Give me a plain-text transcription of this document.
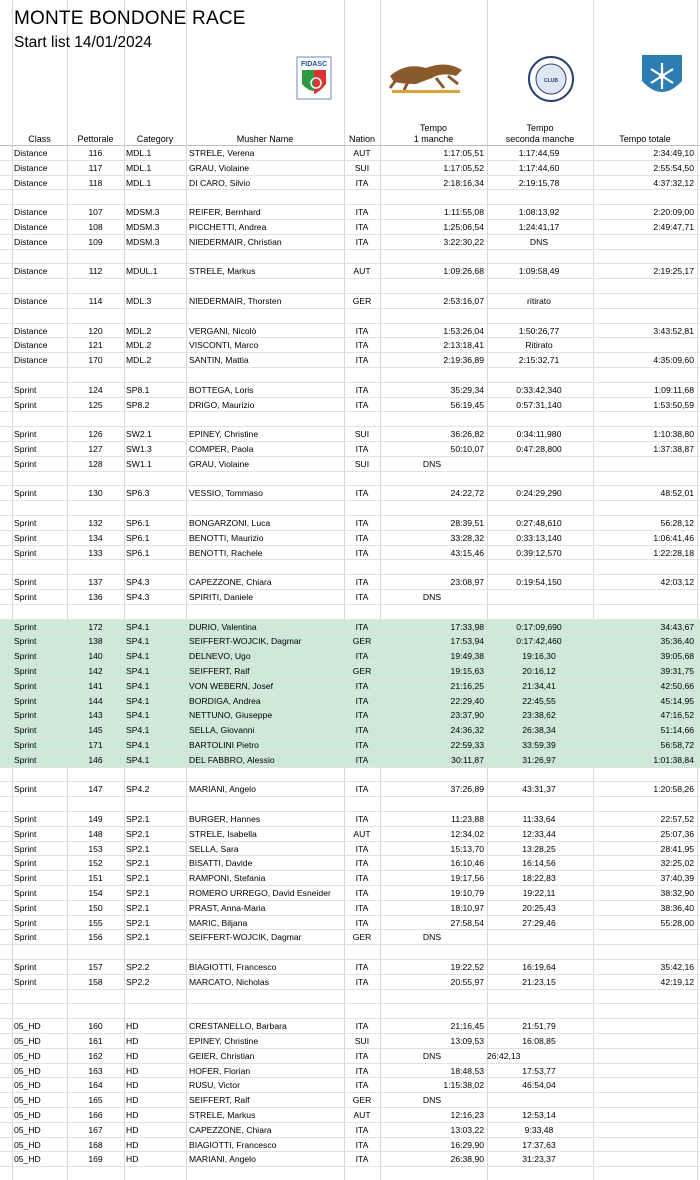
MONTE BONDONE RACE
Start list 14/01/2024
FIDASC
CLUB
Class	Pettorale	Category	Musher Name	Nation
Tempo
1 manche
Tempo
seconda manche	Tempo totale
Distance	116	MDL.1	STRELE, Verena	AUT	1:17:05,51	1:17:44,59	2:34:49,10
Distance	117	MDL.1	GRAU, Violaine	SUI	1:17:05,52	1:17:44,60	2:55:54,50
Distance	118	MDL.1	DI CARO, Silvio	ITA	2:18:16,34	2:19:15,78	4:37:32,12
Distance	107	MDSM.3	REIFER, Bernhard	ITA	1:11:55,08	1:08:13,92	2:20:09,00
Distance	108	MDSM.3	PICCHETTI, Andrea	ITA	1:25:06,54	1:24:41,17	2:49:47,71
Distance	109	MDSM.3	NIEDERMAIR, Christian	ITA	3:22:30,22	DNS
Distance	112	MDUL.1	STRELE, Markus	AUT	1:09:26,68	1:09:58,49	2:19:25,17
Distance	114	MDL.3	NIEDERMAIR, Thorsten	GER	2:53:16,07	ritirato
Distance	120	MDL.2	VERGANI, Nicolò	ITA	1:53:26,04	1:50:26,77	3:43:52,81
Distance	121	MDL.2	VISCONTI, Marco	ITA	2:13:18,41	Ritirato
Distance	170	MDL.2	SANTIN, Mattia	ITA	2:19:36,89	2:15:32,71	4:35:09,60
Sprint	124	SP8.1	BOTTEGA, Loris	ITA	35:29,34	0:33:42,340	1:09:11,68
Sprint	125	SP8.2	DRIGO, Maurizio	ITA	56:19,45	0:57:31,140	1:53:50,59
Sprint	126	SW2.1	EPINEY, Christine	SUI	36:26,82	0:34:11,980	1:10:38,80
Sprint	127	SW1.3	COMPER, Paola	ITA	50:10,07	0:47:28,800	1:37:38,87
Sprint	128	SW1.1	GRAU, Violaine	SUI	DNS
Sprint	130	SP6.3	VESSIO, Tommaso	ITA	24:22,72	0:24:29,290	48:52,01
Sprint	132	SP6.1	BONGARZONI, Luca	ITA	28:39,51	0:27:48,610	56:28,12
Sprint	134	SP6.1	BENOTTI, Maurizio	ITA	33:28,32	0:33:13,140	1:06:41,46
Sprint	133	SP6.1	BENOTTI, Rachele	ITA	43:15,46	0:39:12,570	1:22:28,18
Sprint	137	SP4.3	CAPEZZONE, Chiara	ITA	23:08,97	0:19:54,150	42:03,12
Sprint	136	SP4.3	SPIRITI, Daniele	ITA	DNS
Sprint	172	SP4.1	DURIO, Valentina	ITA	17:33,98	0:17:09,690	34:43,67
Sprint	138	SP4.1	SEIFFERT-WOJCIK, Dagmar	GER	17:53,94	0:17:42,460	35:36,40
Sprint	140	SP4.1	DELNEVO, Ugo	ITA	19:49,38	19:16,30	39:05,68
Sprint	142	SP4.1	SEIFFERT, Ralf	GER	19:15,63	20:16,12	39:31,75
Sprint	141	SP4.1	VON WEBERN, Josef	ITA	21:16,25	21:34,41	42:50,66
Sprint	144	SP4.1	BORDIGA, Andrea	ITA	22:29,40	22:45,55	45:14,95
Sprint	143	SP4.1	NETTUNO, Giuseppe	ITA	23:37,90	23:38,62	47:16,52
Sprint	145	SP4.1	SELLA, Giovanni	ITA	24:36,32	26:38,34	51:14,66
Sprint	171	SP4.1	BARTOLINI Pietro	ITA	22:59,33	33:59,39	56:58,72
Sprint	146	SP4.1	DEL FABBRO, Alessio	ITA	30:11,87	31:26,97	1:01:38,84
Sprint	147	SP4.2	MARIANI, Angelo	ITA	37:26,89	43:31,37	1:20:58,26
Sprint	149	SP2.1	BURGER, Hannes	ITA	11:23,88	11:33,64	22:57,52
Sprint	148	SP2.1	STRELE, Isabella	AUT	12:34,02	12:33,44	25:07,36
Sprint	153	SP2.1	SELLA, Sara	ITA	15:13,70	13:28,25	28:41,95
Sprint	152	SP2.1	BISATTI, Davide	ITA	16:10,46	16:14,56	32:25,02
Sprint	151	SP2.1	RAMPONI, Stefania	ITA	19:17,56	18:22,83	37:40,39
Sprint	154	SP2.1	ROMERO URREGO, David Esneider	ITA	19:10,79	19:22,11	38:32,90
Sprint	150	SP2.1	PRAST, Anna-Maria	ITA	18:10,97	20:25,43	38:36,40
Sprint	155	SP2.1	MARIC, Biljana	ITA	27:58,54	27:29,46	55:28,00
Sprint	156	SP2.1	SEIFFERT-WOJCIK, Dagmar	GER	DNS
Sprint	157	SP2.2	BIAGIOTTI, Francesco	ITA	19:22,52	16:19,64	35:42,16
Sprint	158	SP2.2	MARCATO, Nicholas	ITA	20:55,97	21:23,15	42:19,12
05_HD	160	HD	CRESTANELLO, Barbara	ITA	21:16,45	21:51,79
05_HD	161	HD	EPINEY, Christine	SUI	13:09,53	16:08,85
05_HD	162	HD	GEIER, Christian	ITA	DNS	26:42,13
05_HD	163	HD	HOFER, Florian	ITA	18:48,53	17:53,77
05_HD	164	HD	RUSU, Victor	ITA	1:15:38,02	46:54,04
05_HD	165	HD	SEIFFERT, Ralf	GER	DNS
05_HD	166	HD	STRELE, Markus	AUT	12:16,23	12:53,14
05_HD	167	HD	CAPEZZONE, Chiara	ITA	13:03,22	9:33,48
05_HD	168	HD	BIAGIOTTI, Francesco	ITA	16:29,90	17:37,63
05_HD	169	HD	MARIANI, Angelo	ITA	26:38,90	31:23,37
